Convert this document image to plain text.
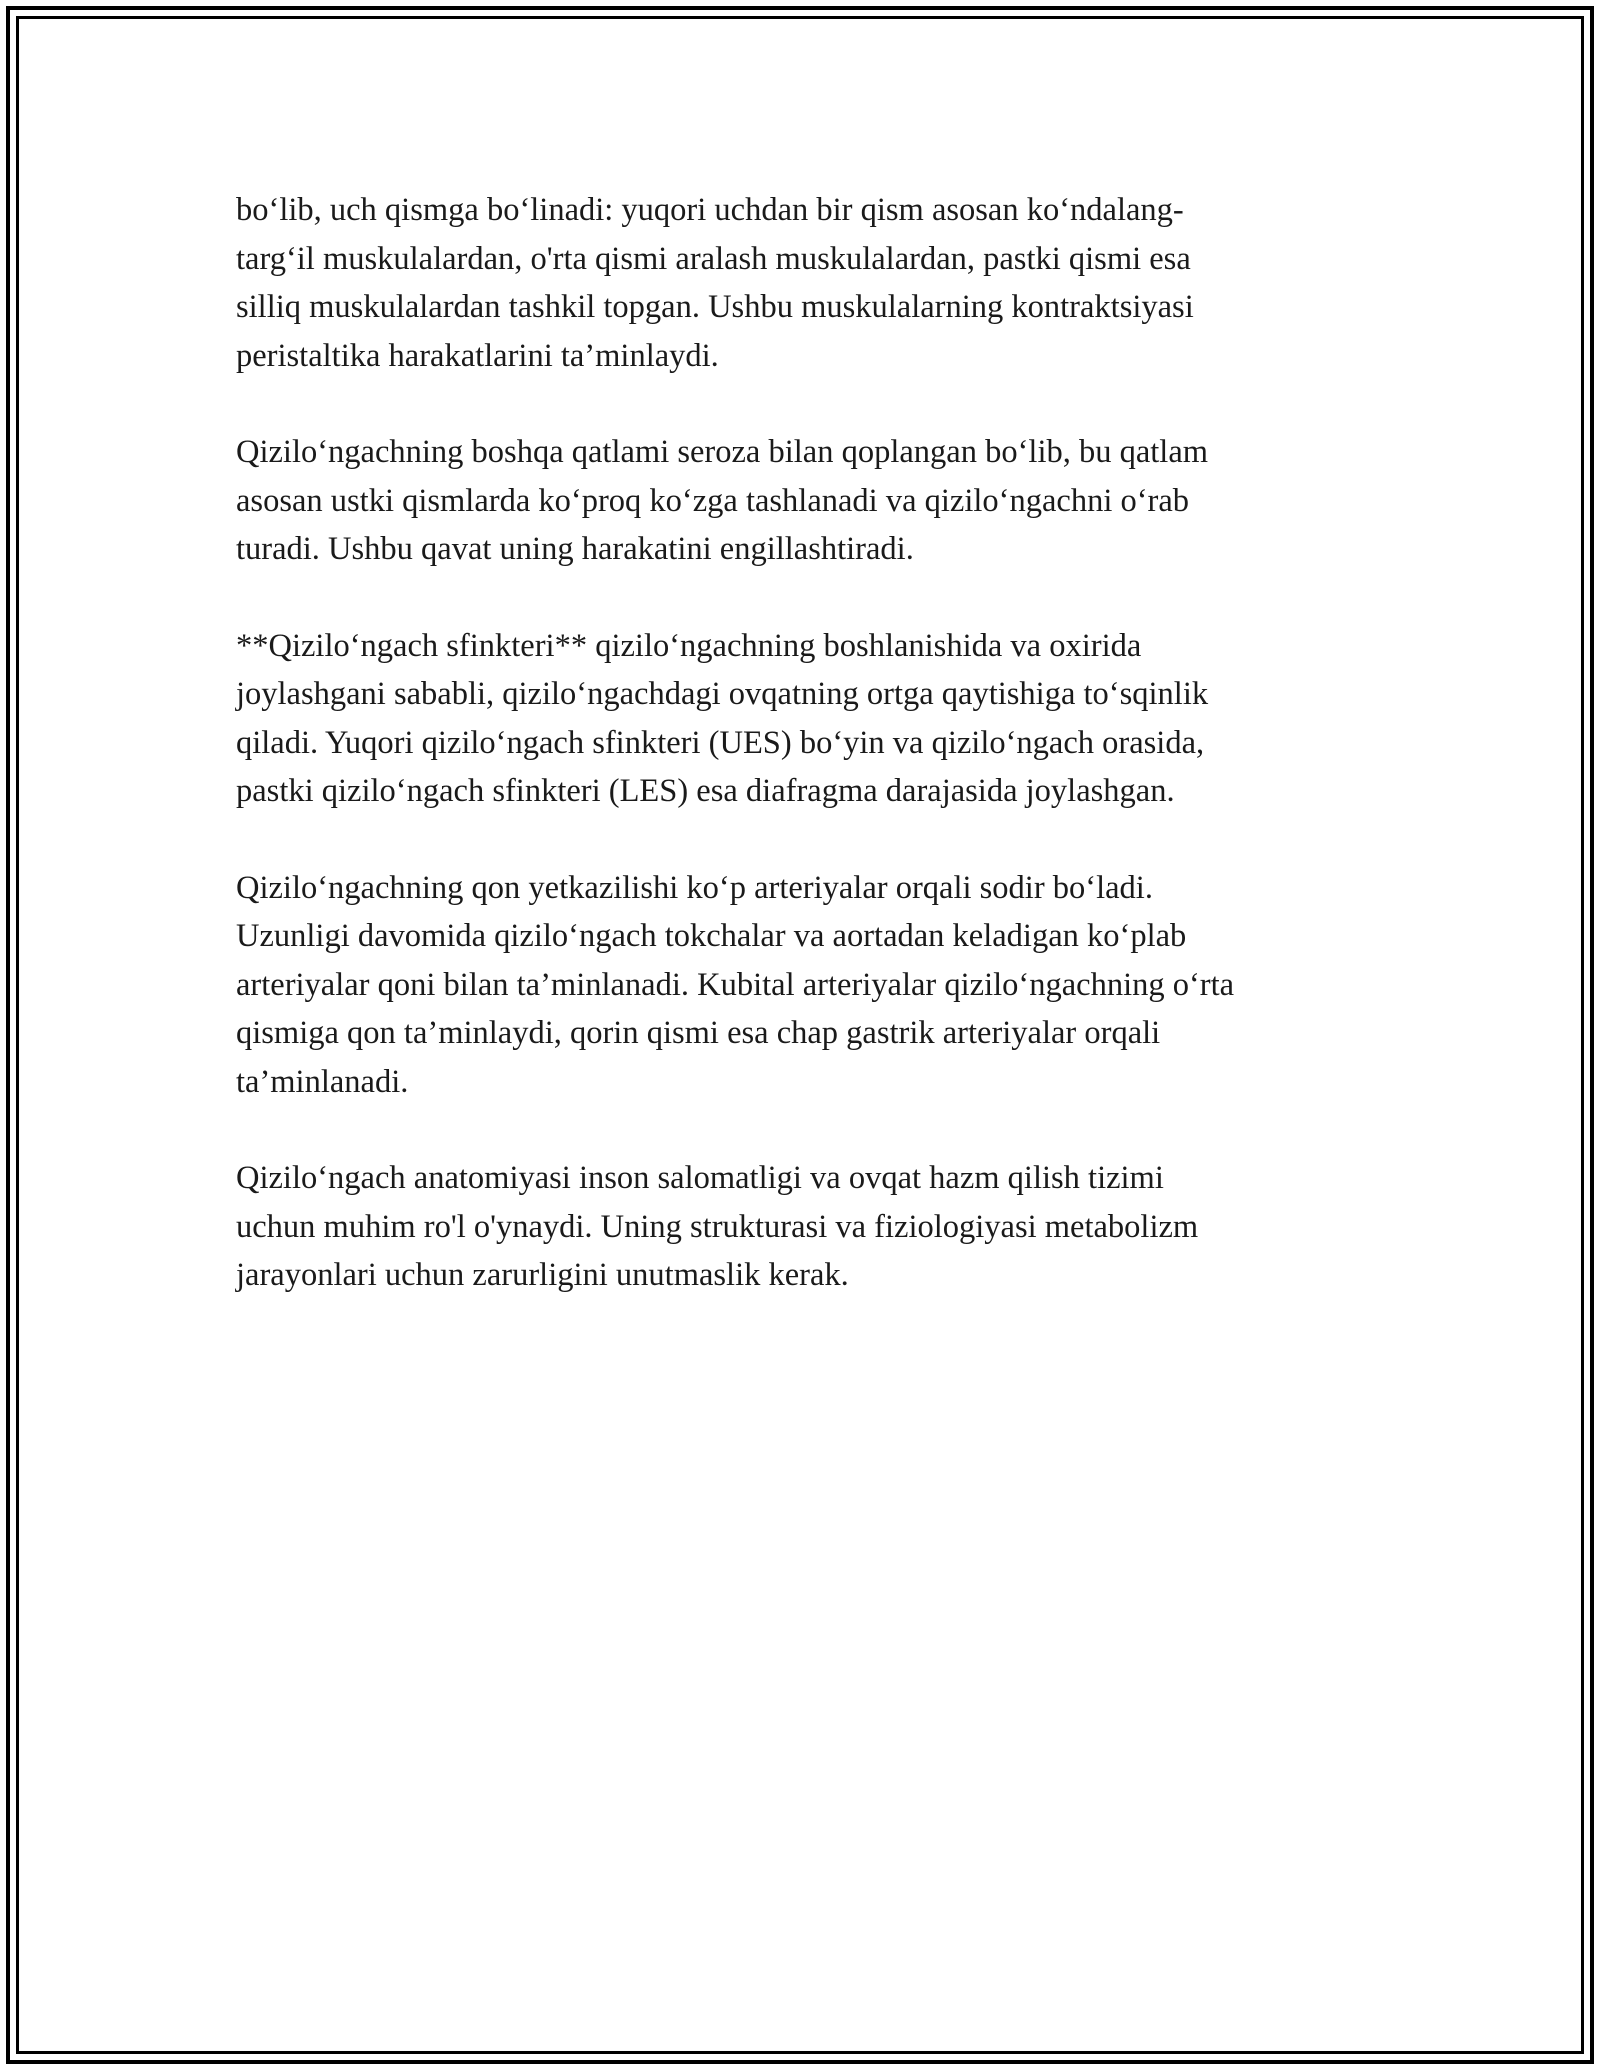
bo‘lib, uch qismga bo‘linadi: yuqori uchdan bir qism asosan ko‘ndalang-
targ‘il muskulalardan, o'rta qismi aralash muskulalardan, pastki qismi esa
silliq muskulalardan tashkil topgan. Ushbu muskulalarning kontraktsiyasi
peristaltika harakatlarini ta’minlaydi.

Qizilo‘ngachning boshqa qatlami seroza bilan qoplangan bo‘lib, bu qatlam
asosan ustki qismlarda ko‘proq ko‘zga tashlanadi va qizilo‘ngachni o‘rab
turadi. Ushbu qavat uning harakatini engillashtiradi.

**Qizilo‘ngach sfinkteri** qizilo‘ngachning boshlanishida va oxirida
joylashgani sababli, qizilo‘ngachdagi ovqatning ortga qaytishiga to‘sqinlik
qiladi. Yuqori qizilo‘ngach sfinkteri (UES) bo‘yin va qizilo‘ngach orasida,
pastki qizilo‘ngach sfinkteri (LES) esa diafragma darajasida joylashgan.

Qizilo‘ngachning qon yetkazilishi ko‘p arteriyalar orqali sodir bo‘ladi.
Uzunligi davomida qizilo‘ngach tokchalar va aortadan keladigan ko‘plab
arteriyalar qoni bilan ta’minlanadi. Kubital arteriyalar qizilo‘ngachning o‘rta
qismiga qon ta’minlaydi, qorin qismi esa chap gastrik arteriyalar orqali
ta’minlanadi.

Qizilo‘ngach anatomiyasi inson salomatligi va ovqat hazm qilish tizimi
uchun muhim ro'l o'ynaydi. Uning strukturasi va fiziologiyasi metabolizm
jarayonlari uchun zarurligini unutmaslik kerak.
